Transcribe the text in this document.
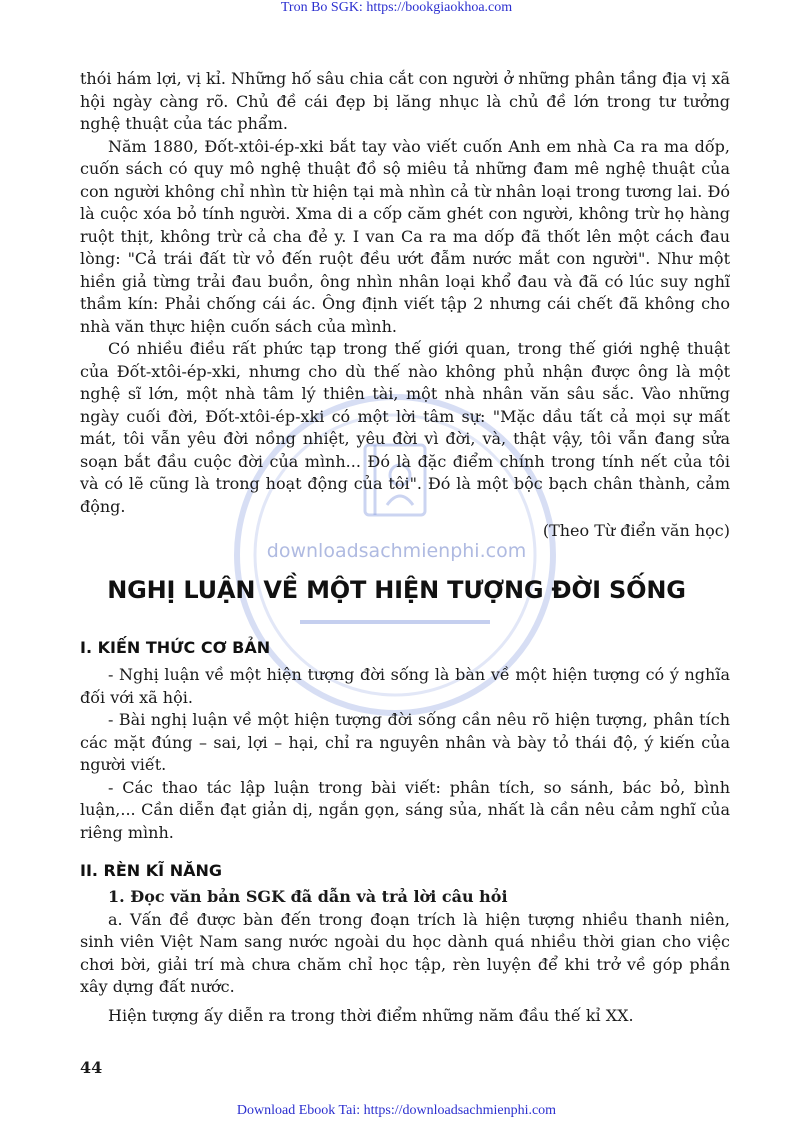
Tron Bo SGK: https://bookgiaokhoa.com
downloadsachmienphi.com

thói hám lợi, vị kỉ. Những hố sâu chia cắt con người ở những phân tầng địa vị xã hội ngày càng rõ. Chủ đề cái đẹp bị lăng nhục là chủ đề lớn trong tư tưởng nghệ thuật của tác phẩm.

Năm 1880, Đốt-xtôi-ép-xki bắt tay vào viết cuốn Anh em nhà Ca ra ma dốp, cuốn sách có quy mô nghệ thuật đồ sộ miêu tả những đam mê nghệ thuật của con người không chỉ nhìn từ hiện tại mà nhìn cả từ nhân loại trong tương lai. Đó là cuộc xóa bỏ tính người. Xma di a cốp căm ghét con người, không trừ họ hàng ruột thịt, không trừ cả cha đẻ y. I van Ca ra ma dốp đã thốt lên một cách đau lòng: "Cả trái đất từ vỏ đến ruột đều ướt đẫm nước mắt con người". Như một hiền giả từng trải đau buồn, ông nhìn nhân loại khổ đau và đã có lúc suy nghĩ thầm kín: Phải chống cái ác. Ông định viết tập 2 nhưng cái chết đã không cho nhà văn thực hiện cuốn sách của mình.

Có nhiều điều rất phức tạp trong thế giới quan, trong thế giới nghệ thuật của Đốt-xtôi-ép-xki, nhưng cho dù thế nào không phủ nhận được ông là một nghệ sĩ lớn, một nhà tâm lý thiên tài, một nhà nhân văn sâu sắc. Vào những ngày cuối đời, Đốt-xtôi-ép-xki có một lời tâm sự: "Mặc dầu tất cả mọi sự mất mát, tôi vẫn yêu đời nồng nhiệt, yêu đời vì đời, và, thật vậy, tôi vẫn đang sửa soạn bắt đầu cuộc đời của mình... Đó là đặc điểm chính trong tính nết của tôi và có lẽ cũng là trong hoạt động của tôi". Đó là một bộc bạch chân thành, cảm động.

(Theo Từ điển văn học)

NGHỊ LUẬN VỀ MỘT HIỆN TƯỢNG ĐỜI SỐNG
I. KIẾN THỨC CƠ BẢN

- Nghị luận về một hiện tượng đời sống là bàn về một hiện tượng có ý nghĩa đối với xã hội.

- Bài nghị luận về một hiện tượng đời sống cần nêu rõ hiện tượng, phân tích các mặt đúng – sai, lợi – hại, chỉ ra nguyên nhân và bày tỏ thái độ, ý kiến của người viết.

- Các thao tác lập luận trong bài viết: phân tích, so sánh, bác bỏ, bình luận,... Cần diễn đạt giản dị, ngắn gọn, sáng sủa, nhất là cần nêu cảm nghĩ của riêng mình.

II. RÈN KĨ NĂNG

1. Đọc văn bản SGK đã dẫn và trả lời câu hỏi

a. Vấn đề được bàn đến trong đoạn trích là hiện tượng nhiều thanh niên, sinh viên Việt Nam sang nước ngoài du học dành quá nhiều thời gian cho việc chơi bời, giải trí mà chưa chăm chỉ học tập, rèn luyện để khi trở về góp phần xây dựng đất nước.

Hiện tượng ấy diễn ra trong thời điểm những năm đầu thế kỉ XX.

44
Download Ebook Tai: https://downloadsachmienphi.com
